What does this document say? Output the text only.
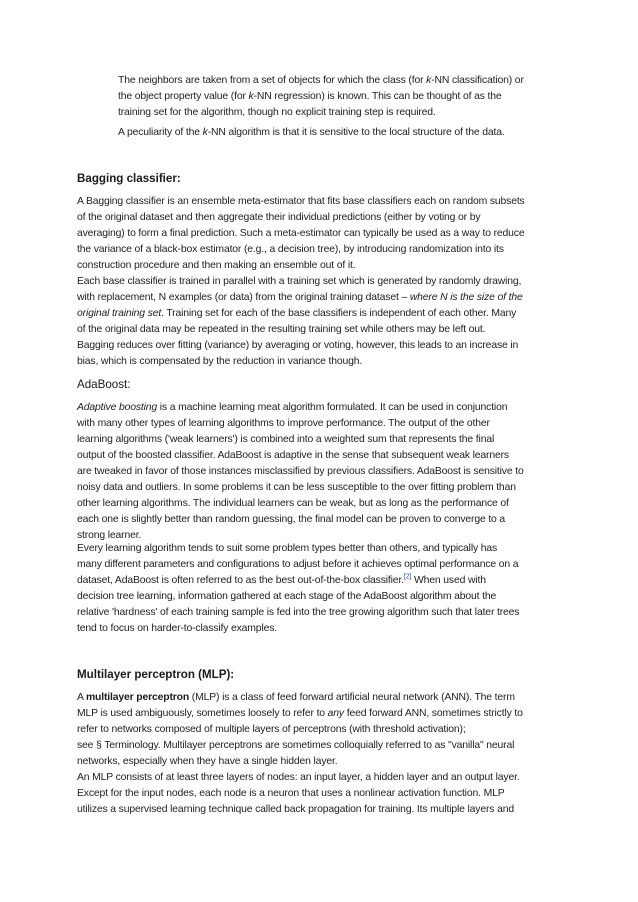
The neighbors are taken from a set of objects for which the class (for k-NN classification) or
the object property value (for k-NN regression) is known. This can be thought of as the
training set for the algorithm, though no explicit training step is required.
A peculiarity of the k-NN algorithm is that it is sensitive to the local structure of the data.
Bagging classifier:
A Bagging classifier is an ensemble meta-estimator that fits base classifiers each on random subsets
of the original dataset and then aggregate their individual predictions (either by voting or by
averaging) to form a final prediction. Such a meta-estimator can typically be used as a way to reduce
the variance of a black-box estimator (e.g., a decision tree), by introducing randomization into its
construction procedure and then making an ensemble out of it.
Each base classifier is trained in parallel with a training set which is generated by randomly drawing,
with replacement, N examples (or data) from the original training dataset – where N is the size of the
original training set. Training set for each of the base classifiers is independent of each other. Many
of the original data may be repeated in the resulting training set while others may be left out.
Bagging reduces over fitting (variance) by averaging or voting, however, this leads to an increase in
bias, which is compensated by the reduction in variance though.
AdaBoost:
Adaptive boosting is a machine learning meat algorithm formulated. It can be used in conjunction
with many other types of learning algorithms to improve performance. The output of the other
learning algorithms ('weak learners') is combined into a weighted sum that represents the final
output of the boosted classifier. AdaBoost is adaptive in the sense that subsequent weak learners
are tweaked in favor of those instances misclassified by previous classifiers. AdaBoost is sensitive to
noisy data and outliers. In some problems it can be less susceptible to the over fitting problem than
other learning algorithms. The individual learners can be weak, but as long as the performance of
each one is slightly better than random guessing, the final model can be proven to converge to a
strong learner.
Every learning algorithm tends to suit some problem types better than others, and typically has
many different parameters and configurations to adjust before it achieves optimal performance on a
dataset, AdaBoost is often referred to as the best out-of-the-box classifier.[2] When used with
decision tree learning, information gathered at each stage of the AdaBoost algorithm about the
relative 'hardness' of each training sample is fed into the tree growing algorithm such that later trees
tend to focus on harder-to-classify examples.
Multilayer perceptron (MLP):
A multilayer perceptron (MLP) is a class of feed forward artificial neural network (ANN). The term
MLP is used ambiguously, sometimes loosely to refer to any feed forward ANN, sometimes strictly to
refer to networks composed of multiple layers of perceptrons (with threshold activation);
see § Terminology. Multilayer perceptrons are sometimes colloquially referred to as "vanilla" neural
networks, especially when they have a single hidden layer.
An MLP consists of at least three layers of nodes: an input layer, a hidden layer and an output layer.
Except for the input nodes, each node is a neuron that uses a nonlinear activation function. MLP
utilizes a supervised learning technique called back propagation for training. Its multiple layers and
